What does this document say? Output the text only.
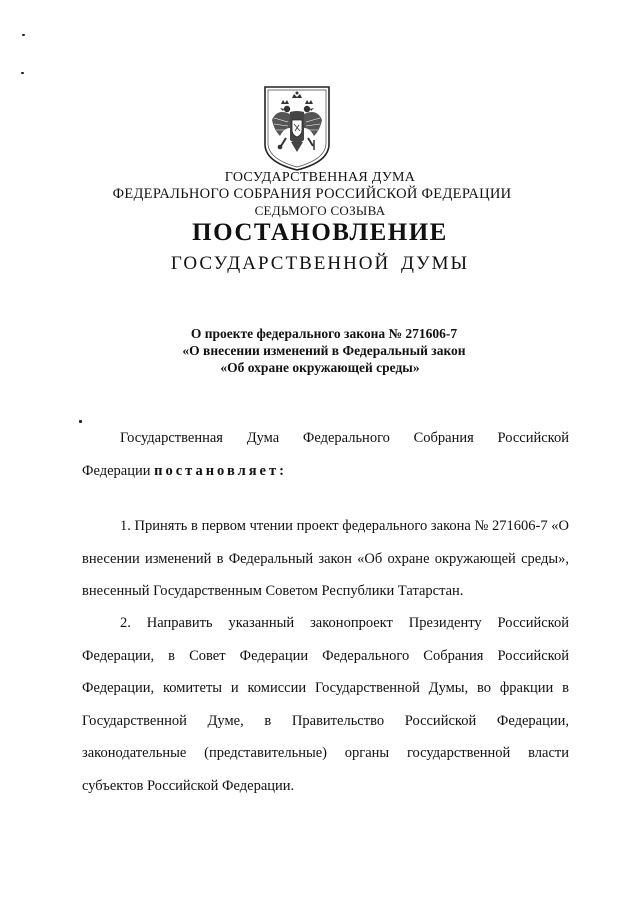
ГОСУДАРСТВЕННАЯ ДУМА
ФЕДЕРАЛЬНОГО СОБРАНИЯ РОССИЙСКОЙ ФЕДЕРАЦИИ
СЕДЬМОГО СОЗЫВА
ПОСТАНОВЛЕНИЕ
ГОСУДАРСТВЕННОЙ ДУМЫ
О проекте федерального закона № 271606-7
«О внесении изменений в Федеральный закон
«Об охране окружающей среды»

Государственная Дума Федерального Собрания Российской

Федерации постановляет:

1. Принять в первом чтении проект федерального закона № 271606-7 «О внесении изменений в Федеральный закон «Об охране окружающей среды», внесенный Государственным Советом Республики Татарстан.

2. Направить указанный законопроект Президенту Российской Федерации, в Совет Федерации Федерального Собрания Российской Федерации, комитеты и комиссии Государственной Думы, во фракции в Государственной Думе, в Правительство Российской Федерации, законодательные (представительные) органы государственной власти субъектов Российской Федерации.
